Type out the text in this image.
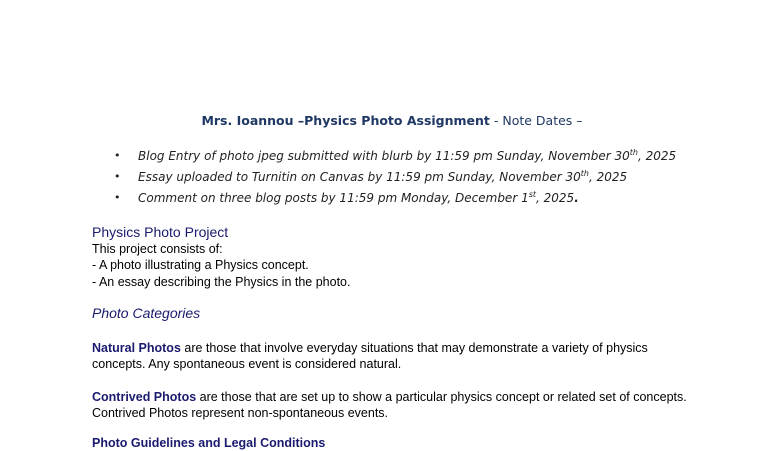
Mrs. Ioannou –Physics Photo Assignment - Note Dates –
• Blog Entry of photo jpeg submitted with blurb by 11:59 pm Sunday, November 30th, 2025
• Essay uploaded to Turnitin on Canvas by 11:59 pm Sunday, November 30th, 2025
• Comment on three blog posts by 11:59 pm Monday, December 1st, 2025.
Physics Photo Project
This project consists of:
- A photo illustrating a Physics concept.
- An essay describing the Physics in the photo.
Photo Categories
Natural Photos are those that involve everyday situations that may demonstrate a variety of physics concepts. Any spontaneous event is considered natural.
Contrived Photos are those that are set up to show a particular physics concept or related set of concepts. Contrived Photos represent non-spontaneous events.
Photo Guidelines and Legal Conditions
